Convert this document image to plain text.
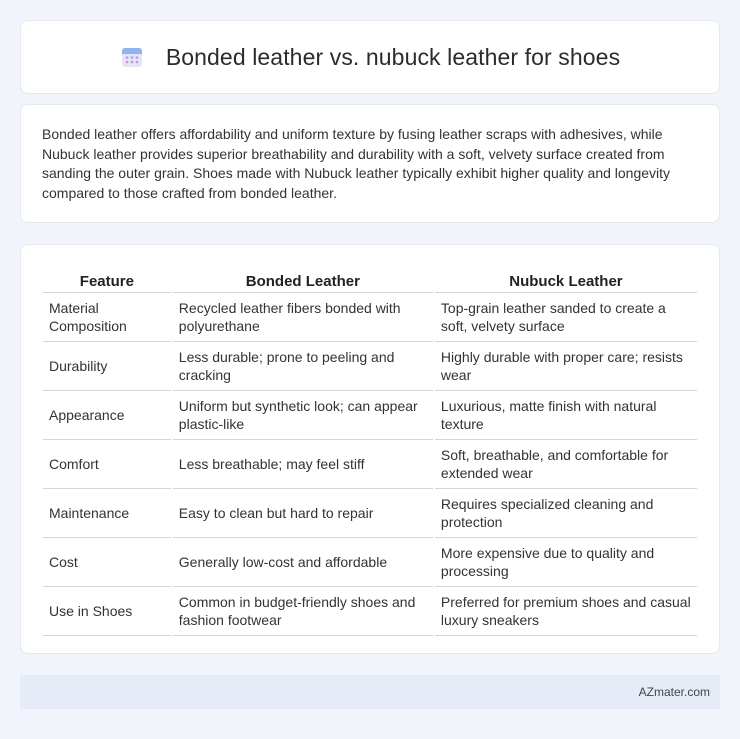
Bonded leather vs. nubuck leather for shoes

Bonded leather offers affordability and uniform texture by fusing leather scraps with adhesives, while Nubuck leather provides superior breathability and durability with a soft, velvety surface created from sanding the outer grain. Shoes made with Nubuck leather typically exhibit higher quality and longevity compared to those crafted from bonded leather.

Feature	Bonded Leather	Nubuck Leather
Material Composition	Recycled leather fibers bonded with polyurethane	Top-grain leather sanded to create a soft, velvety surface
Durability	Less durable; prone to peeling and cracking	Highly durable with proper care; resists wear
Appearance	Uniform but synthetic look; can appear plastic-like	Luxurious, matte finish with natural texture
Comfort	Less breathable; may feel stiff	Soft, breathable, and comfortable for extended wear
Maintenance	Easy to clean but hard to repair	Requires specialized cleaning and protection
Cost	Generally low-cost and affordable	More expensive due to quality and processing
Use in Shoes	Common in budget-friendly shoes and fashion footwear	Preferred for premium shoes and casual luxury sneakers
AZmater.com
